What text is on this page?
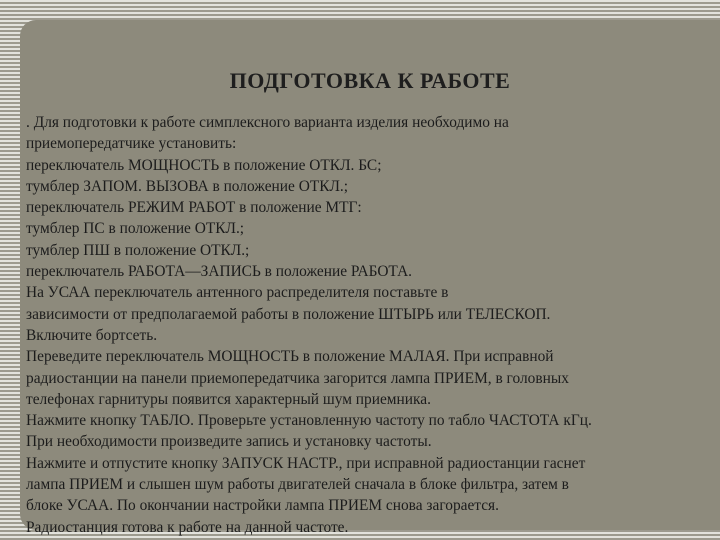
ПОДГОТОВКА К РАБОТЕ
. Для подготовки к работе симплексного варианта изделия необходимо на
приемопередатчике установить:
переключатель МОЩНОСТЬ в положение ОТКЛ. БС;
тумблер ЗАПОМ. ВЫЗОВА в положение ОТКЛ.;
переключатель РЕЖИМ РАБОТ в положение МТГ:
тумблер ПС в положение ОТКЛ.;
тумблер ПШ в положение ОТКЛ.;
переключатель РАБОТА—ЗАПИСЬ в положение РАБОТА.
На УСАА переключатель антенного распределителя поставьте в
зависимости от предполагаемой работы в положение ШТЫРЬ или ТЕЛЕСКОП.
Включите бортсеть.
Переведите переключатель МОЩНОСТЬ в положение МАЛАЯ. При исправной
радиостанции на панели приемопередатчика загорится лампа ПРИЕМ, в головных
телефонах гарнитуры появится характерный шум приемника.
Нажмите кнопку ТАБЛО. Проверьте установленную частоту по табло ЧАСТОТА кГц.
При необходимости произведите запись и установку частоты.
Нажмите и отпустите кнопку ЗАПУСК НАСТР., при исправной радиостанции гаснет
лампа ПРИЕМ и слышен шум работы двигателей сначала в блоке фильтра, затем в
блоке УСАА. По окончании настройки лампа ПРИЕМ снова загорается.
Радиостанция готова к работе на данной частоте.
